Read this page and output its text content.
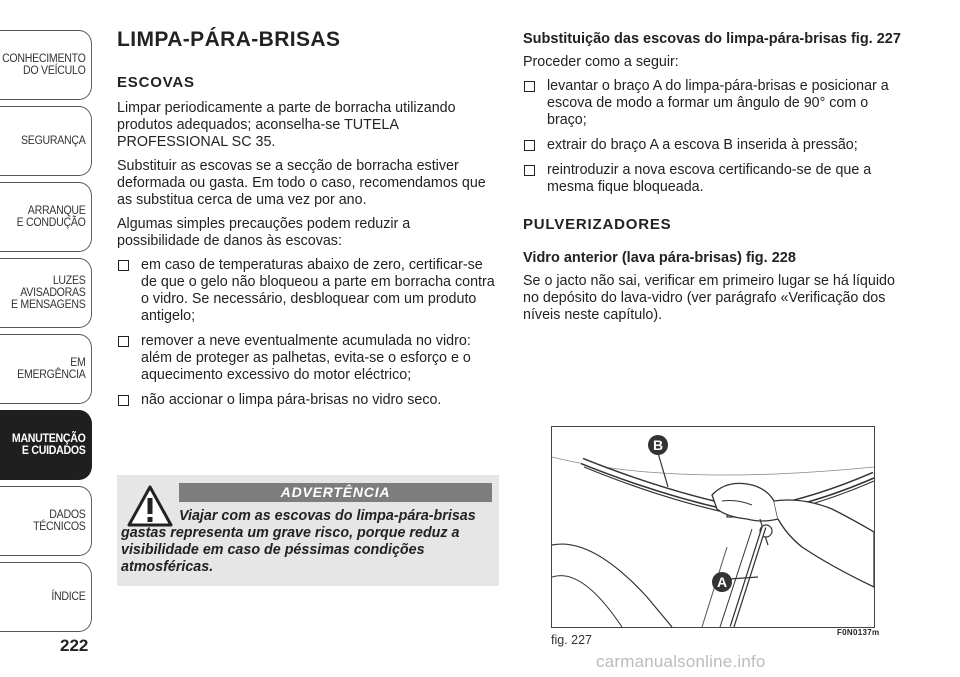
CONHECIMENTO
DO VEÍCULO
SEGURANÇA
ARRANQUE
E CONDUÇÃO
LUZES
AVISADORAS
E MENSAGENS
EM EMERGÊNCIA
MANUTENÇÃO
E CUIDADOS
DADOS
TÉCNICOS
ÍNDICE
222
LIMPA-PÁRA-BRISAS
ESCOVAS

Limpar periodicamente a parte de borracha utilizando produtos adequados; aconselha-se TUTELA PROFESSIONAL SC 35.

Substituir as escovas se a secção de borracha estiver deformada ou gasta. Em todo o caso, recomendamos que as substitua cerca de uma vez por ano.

Algumas simples precauções podem reduzir a possibilidade de danos às escovas:

em caso de temperaturas abaixo de zero, certificar-se de que o gelo não bloqueou a parte em borracha contra o vidro. Se necessário, desbloquear com um produto antigelo;
remover a neve eventualmente acumulada no vidro: além de proteger as palhetas, evita-se o esforço e o aquecimento excessivo do motor eléctrico;
não accionar o limpa pára-brisas no vidro seco.
ADVERTÊNCIA
Viajar com as escovas do limpa-pára-brisas gastas representa um grave risco, porque reduz a visibilidade em caso de péssimas condições atmosféricas.
Substituição das escovas do limpa-pára-brisas fig. 227

Proceder como a seguir:

levantar o braço A do limpa-pára-brisas e posicionar a escova de modo a formar um ângulo de 90° com o braço;
extrair do braço A a escova B inserida à pressão;
reintroduzir a nova escova certificando-se de que a mesma fique bloqueada.
PULVERIZADORES
Vidro anterior (lava pára-brisas) fig. 228

Se o jacto não sai, verificar em primeiro lugar se há líquido no depósito do lava-vidro (ver parágrafo «Verificação dos níveis neste capítulo).

B
A
fig. 227
F0N0137m
carmanualsonline.info
